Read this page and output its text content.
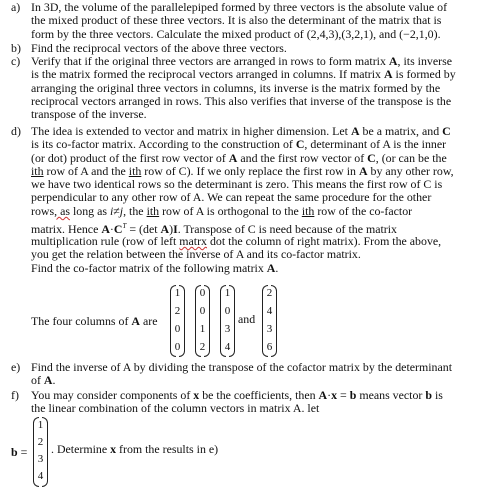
a) In 3D, the volume of the parallelepiped formed by three vectors is the absolute value of
the mixed product of these three vectors. It is also the determinant of the matrix that is
form by the three vectors. Calculate the mixed product of (2,4,3),(3,2,1), and (−2,1,0).
b) Find the reciprocal vectors of the above three vectors.
c) Verify that if the original three vectors are arranged in rows to form matrix A, its inverse
is the matrix formed the reciprocal vectors arranged in columns. If matrix A is formed by
arranging the original three vectors in columns, its inverse is the matrix formed by the
reciprocal vectors arranged in rows. This also verifies that inverse of the transpose is the
transpose of the inverse.
d) The idea is extended to vector and matrix in higher dimension. Let A be a matrix, and C
is its co-factor matrix. According to the construction of C, determinant of A is the inner
(or dot) product of the first row vector of A and the first row vector of C, (or can be the
ith row of A and the ith row of C). If we only replace the first row in A by any other row,
we have two identical rows so the determinant is zero. This means the first row of C is
perpendicular to any other row of A. We can repeat the same procedure for the other
rows, as long as i≠j, the ith row of A is orthogonal to the ith row of the co-factor
matrix. Hence $A\cdot C^T = (\det$ A)I. Transpose of C is need because of the matrix
multiplication rule (row of left matrx dot the column of right matrix). From the above,
you get the relation between the inverse of A and its co-factor matrix.
Find the co-factor matrix of the following matrix A.
The four columns of A are
1
2
0
0
0
0
1
2
1
0
3
4
and
2
4
3
6
e) Find the inverse of A by dividing the transpose of the cofactor matrix by the determinant
of A.
f)	You may consider components of x be the coefficients, then A·x = b means vector b is
the linear combination of the column vectors in matrix A. let
b =
1
2
3
4
. Determine x from the results in e)
